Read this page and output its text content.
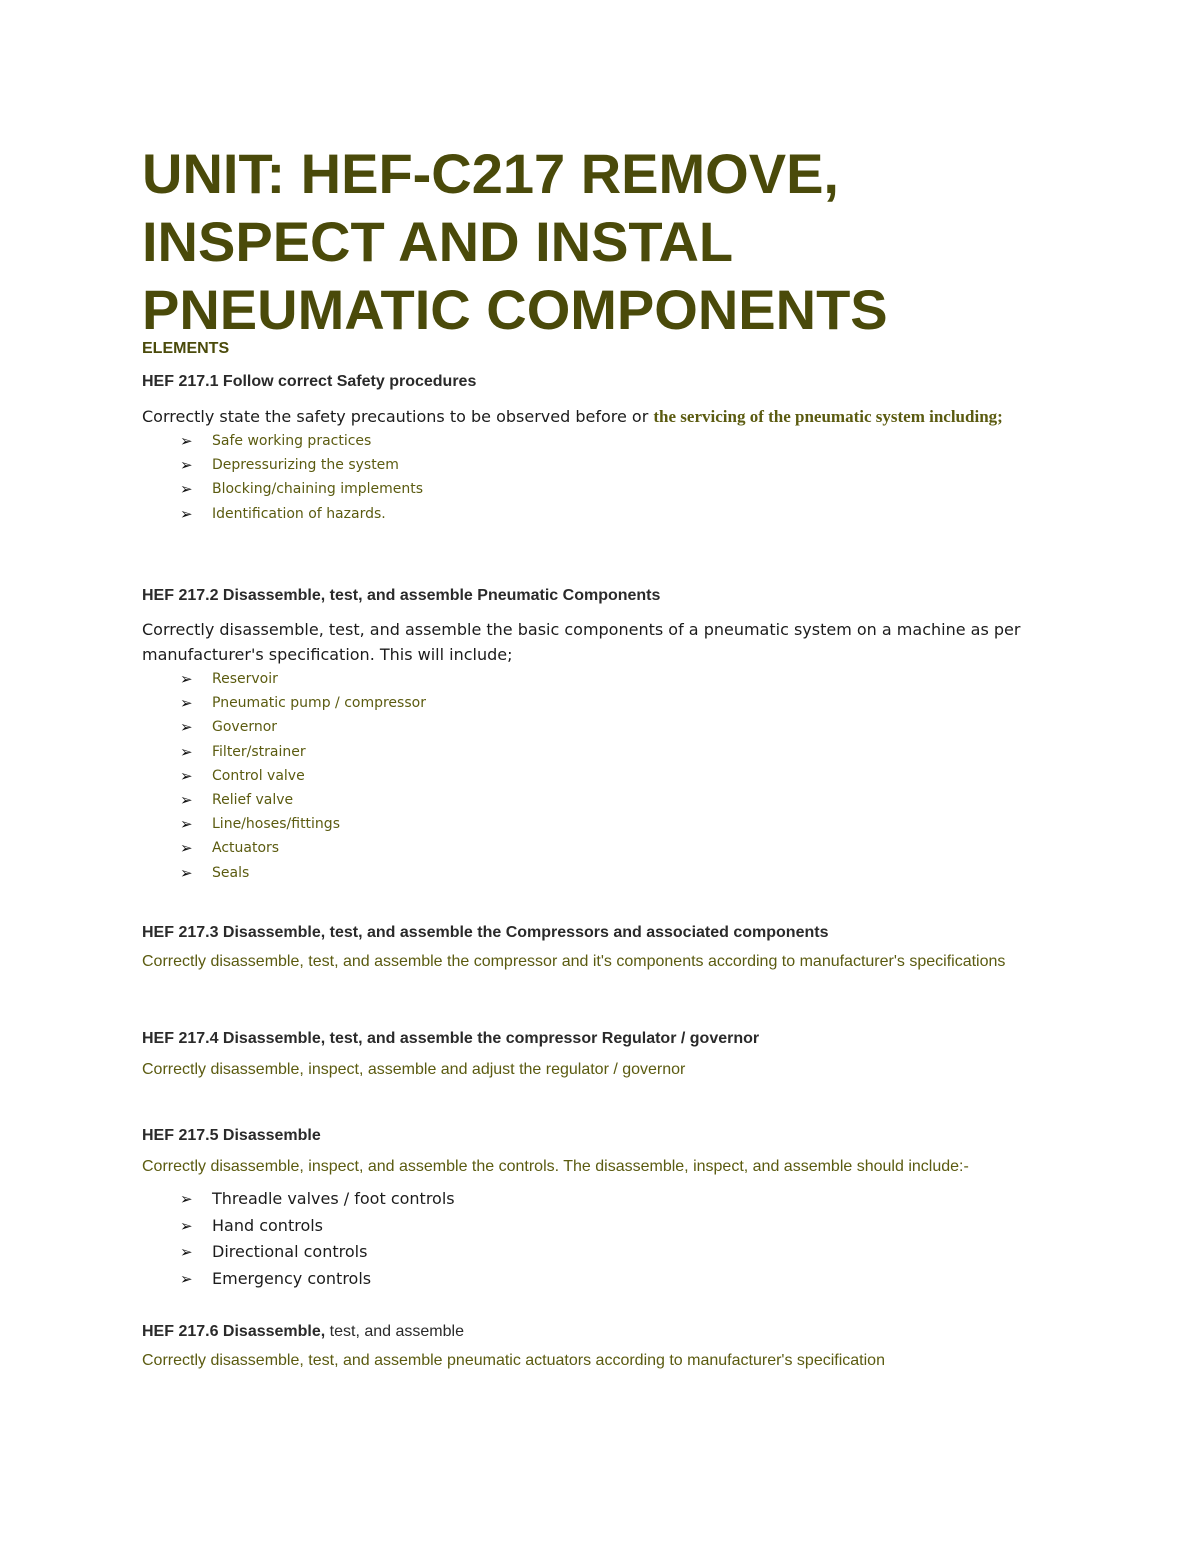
UNIT: HEF-C217 REMOVE,
INSPECT AND INSTAL
PNEUMATIC COMPONENTS
ELEMENTS

HEF 217.1 Follow correct Safety procedures

Correctly state the safety precautions to be observed before or the servicing of the pneumatic system including;

➢ Safe working practices
➢ Depressurizing the system
➢ Blocking/chaining implements
➢ Identification of hazards.

HEF 217.2 Disassemble, test, and assemble Pneumatic Components

Correctly disassemble, test, and assemble the basic components of a pneumatic system on a machine as per manufacturer's specification. This will include;

➢ Reservoir
➢ Pneumatic pump / compressor
➢ Governor
➢ Filter/strainer
➢ Control valve
➢ Relief valve
➢ Line/hoses/fittings
➢ Actuators
➢ Seals

HEF 217.3 Disassemble, test, and assemble the Compressors and associated components

Correctly disassemble, test, and assemble the compressor and it's components according to manufacturer's specifications

HEF 217.4 Disassemble, test, and assemble the compressor Regulator / governor

Correctly disassemble, inspect, assemble and adjust the regulator / governor

HEF 217.5 Disassemble

Correctly disassemble, inspect, and assemble the controls. The disassemble, inspect, and assemble should include:-

➢ Threadle valves / foot controls
➢ Hand controls
➢ Directional controls
➢ Emergency controls

HEF 217.6 Disassemble, test, and assemble

Correctly disassemble, test, and assemble pneumatic actuators according to manufacturer's specification
